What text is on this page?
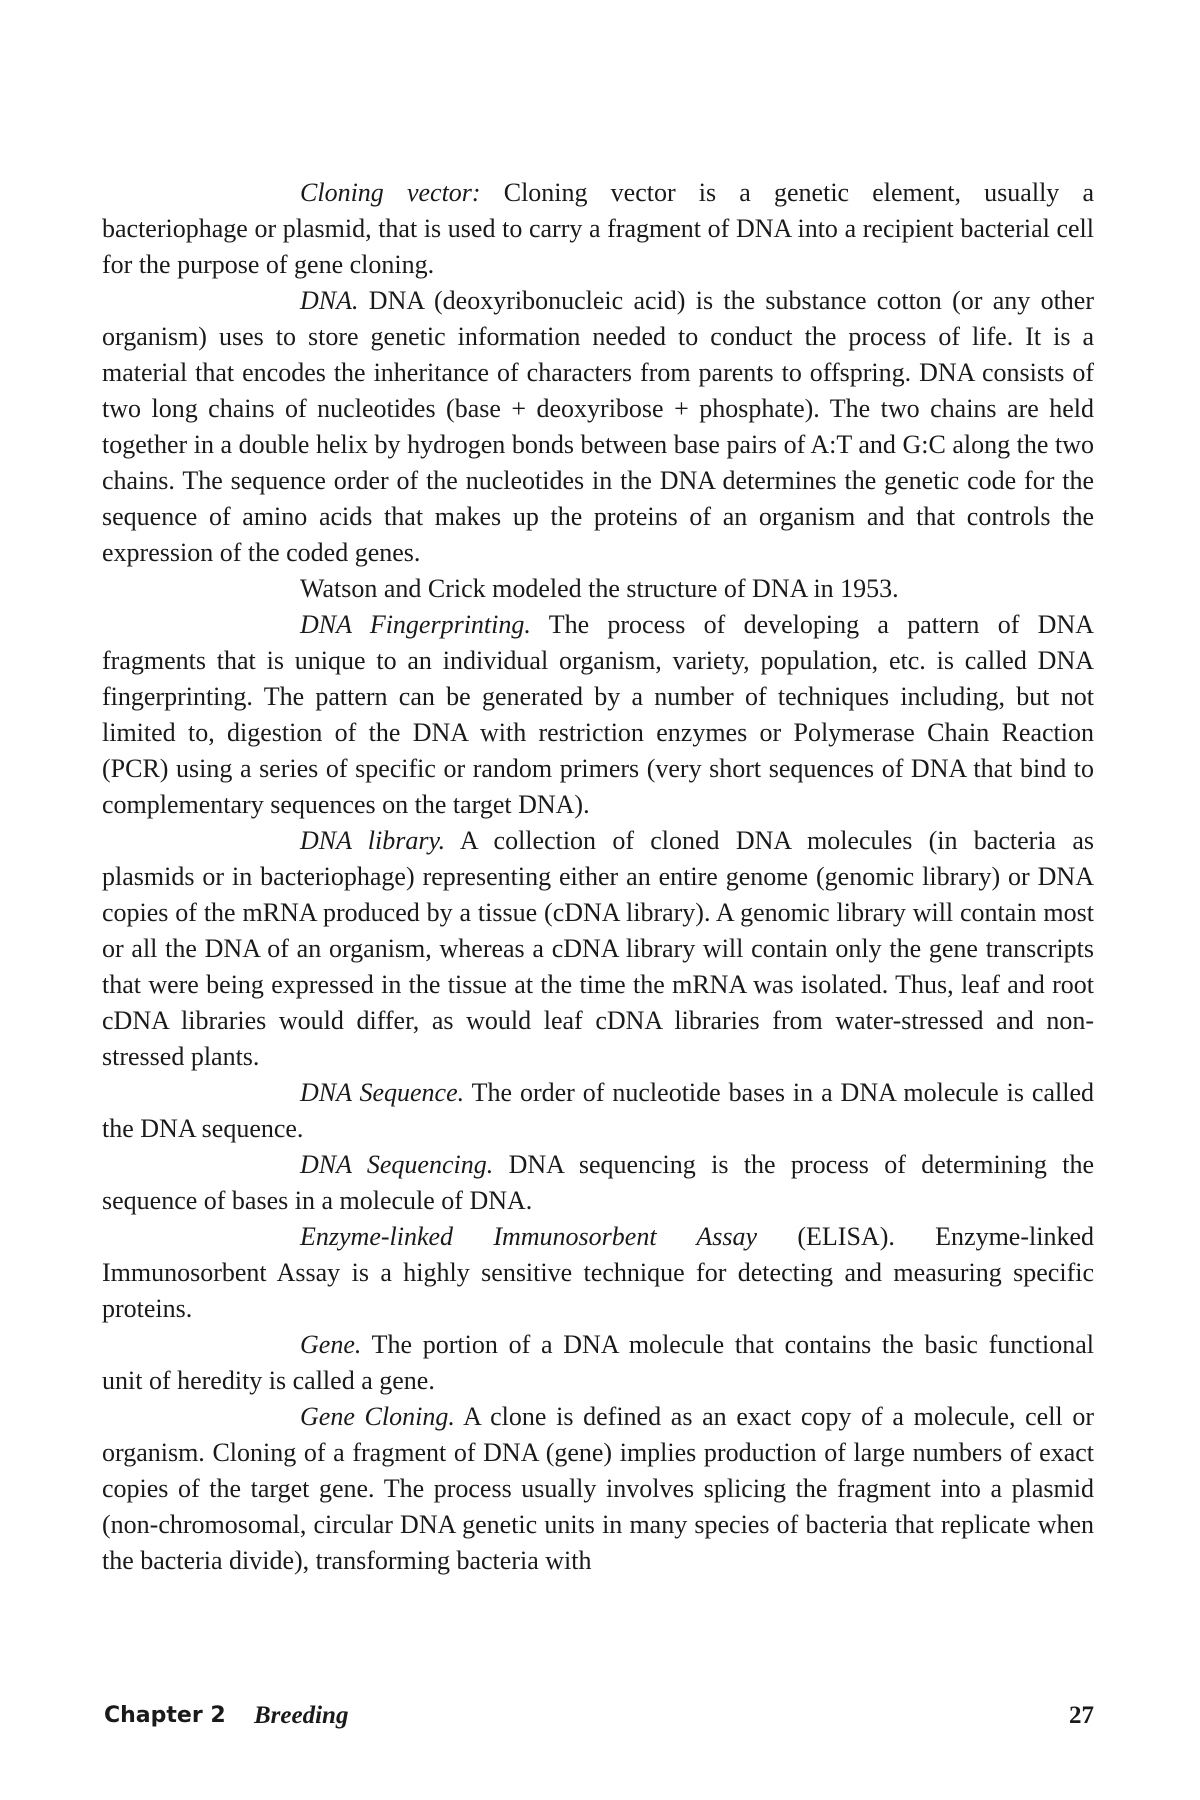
Cloning vector: Cloning vector is a genetic element, usually a bacteriophage or plasmid, that is used to carry a fragment of DNA into a recipient bacterial cell for the purpose of gene cloning.

DNA. DNA (deoxyribonucleic acid) is the substance cotton (or any other organism) uses to store genetic information needed to conduct the process of life. It is a material that encodes the inheritance of characters from parents to offspring. DNA consists of two long chains of nucleotides (base + deoxyribose + phosphate). The two chains are held together in a double helix by hydrogen bonds between base pairs of A:T and G:C along the two chains. The sequence order of the nucleotides in the DNA determines the genetic code for the sequence of amino acids that makes up the proteins of an organism and that controls the expression of the coded genes.

Watson and Crick modeled the structure of DNA in 1953.

DNA Fingerprinting. The process of developing a pattern of DNA fragments that is unique to an individual organism, variety, population, etc. is called DNA fingerprinting. The pattern can be generated by a number of techniques including, but not limited to, digestion of the DNA with restriction enzymes or Polymerase Chain Reaction (PCR) using a series of specific or random primers (very short sequences of DNA that bind to complementary sequences on the target DNA).

DNA library. A collection of cloned DNA molecules (in bacteria as plasmids or in bacteriophage) representing either an entire genome (genomic library) or DNA copies of the mRNA produced by a tissue (cDNA library). A genomic library will contain most or all the DNA of an organism, whereas a cDNA library will contain only the gene transcripts that were being expressed in the tissue at the time the mRNA was isolated. Thus, leaf and root cDNA libraries would differ, as would leaf cDNA libraries from water-stressed and non-stressed plants.

DNA Sequence. The order of nucleotide bases in a DNA molecule is called the DNA sequence.

DNA Sequencing. DNA sequencing is the process of determining the sequence of bases in a molecule of DNA.

Enzyme-linked Immunosorbent Assay (ELISA). Enzyme-linked Immunosorbent Assay is a highly sensitive technique for detecting and measuring specific proteins.

Gene. The portion of a DNA molecule that contains the basic functional unit of heredity is called a gene.

Gene Cloning. A clone is defined as an exact copy of a molecule, cell or organism. Cloning of a fragment of DNA (gene) implies production of large numbers of exact copies of the target gene. The process usually involves splicing the fragment into a plasmid (non-chromosomal, circular DNA genetic units in many species of bacteria that replicate when the bacteria divide), transforming bacteria with

Chapter 2 Breeding	27
